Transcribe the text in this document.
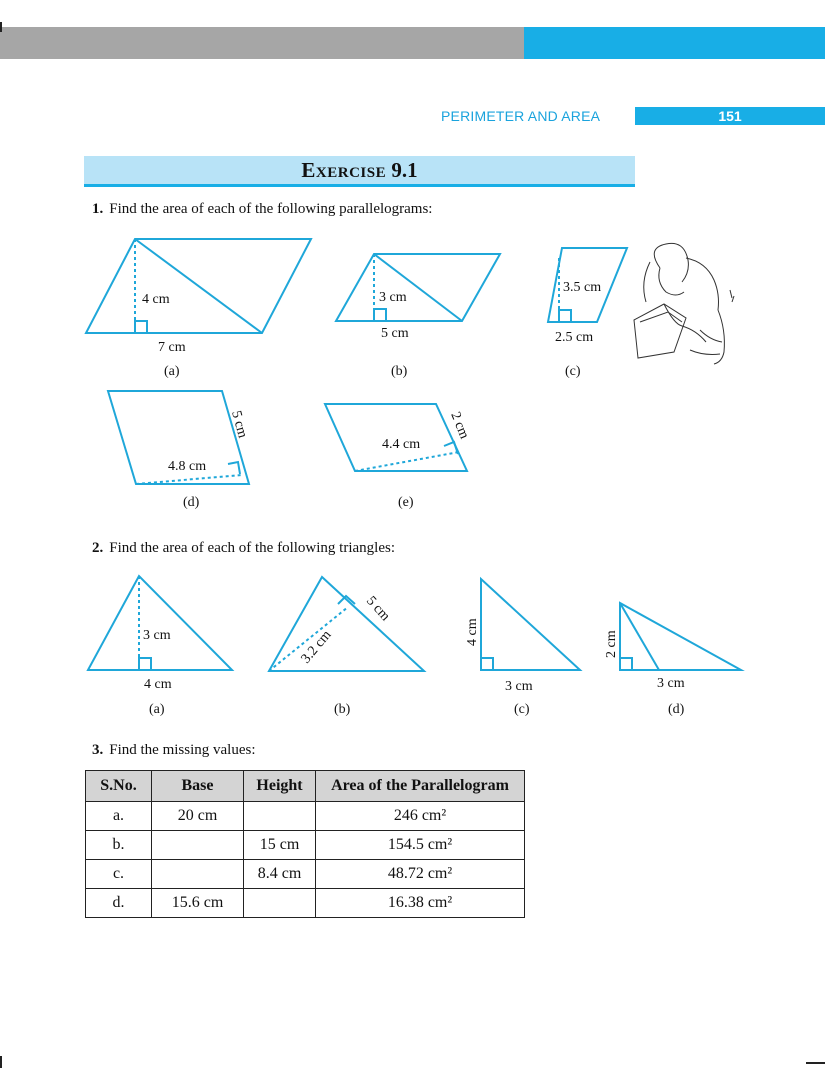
PERIMETER AND AREA	151
Exercise 9.1
1. Find the area of each of the following parallelograms:
2. Find the area of each of the following triangles:
3. Find the missing values:
4 cm
7 cm
(a)
3 cm
5 cm
(b)
3.5 cm
2.5 cm
(c)
4.8 cm
5 cm
(d)
4.4 cm
2 cm
(e)
3 cm
4 cm
(a)
3.2 cm
5 cm
(b)
4 cm
3 cm
(c)
2 cm
3 cm
(d)
S.No.	Base	Height	Area of the Parallelogram
a.	20 cm		246 cm²
b.		15 cm	154.5 cm²
c.		8.4 cm	48.72 cm²
d.	15.6 cm		16.38 cm²
